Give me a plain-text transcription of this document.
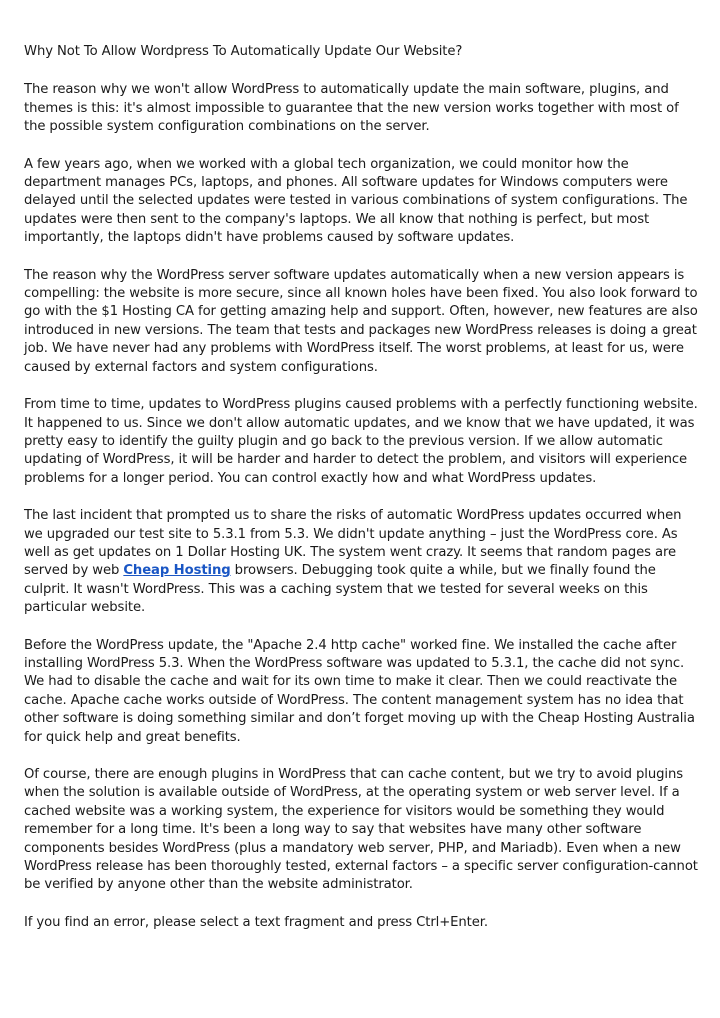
Why Not To Allow Wordpress To Automatically Update Our Website?

The reason why we won't allow WordPress to automatically update the main software, plugins, and themes is this: it's almost impossible to guarantee that the new version works together with most of the possible system configuration combinations on the server.

A few years ago, when we worked with a global tech organization, we could monitor how the department manages PCs, laptops, and phones. All software updates for Windows computers were delayed until the selected updates were tested in various combinations of system configurations. The updates were then sent to the company's laptops. We all know that nothing is perfect, but most importantly, the laptops didn't have problems caused by software updates.

The reason why the WordPress server software updates automatically when a new version appears is compelling: the website is more secure, since all known holes have been fixed. You also look forward to go with the $1 Hosting CA for getting amazing help and support. Often, however, new features are also introduced in new versions. The team that tests and packages new WordPress releases is doing a great job. We have never had any problems with WordPress itself. The worst problems, at least for us, were caused by external factors and system configurations.

From time to time, updates to WordPress plugins caused problems with a perfectly functioning website. It happened to us. Since we don't allow automatic updates, and we know that we have updated, it was pretty easy to identify the guilty plugin and go back to the previous version. If we allow automatic updating of WordPress, it will be harder and harder to detect the problem, and visitors will experience problems for a longer period. You can control exactly how and what WordPress updates.

The last incident that prompted us to share the risks of automatic WordPress updates occurred when we upgraded our test site to 5.3.1 from 5.3. We didn't update anything – just the WordPress core. As well as get updates on 1 Dollar Hosting UK. The system went crazy. It seems that random pages are served by web Cheap Hosting browsers. Debugging took quite a while, but we finally found the culprit. It wasn't WordPress. This was a caching system that we tested for several weeks on this particular website.

Before the WordPress update, the "Apache 2.4 http cache" worked fine. We installed the cache after installing WordPress 5.3. When the WordPress software was updated to 5.3.1, the cache did not sync. We had to disable the cache and wait for its own time to make it clear. Then we could reactivate the cache. Apache cache works outside of WordPress. The content management system has no idea that other software is doing something similar and don’t forget moving up with the Cheap Hosting Australia for quick help and great benefits.

Of course, there are enough plugins in WordPress that can cache content, but we try to avoid plugins when the solution is available outside of WordPress, at the operating system or web server level. If a cached website was a working system, the experience for visitors would be something they would remember for a long time. It's been a long way to say that websites have many other software components besides WordPress (plus a mandatory web server, PHP, and Mariadb). Even when a new WordPress release has been thoroughly tested, external factors – a specific server configuration-cannot be verified by anyone other than the website administrator.

If you find an error, please select a text fragment and press Ctrl+Enter.
